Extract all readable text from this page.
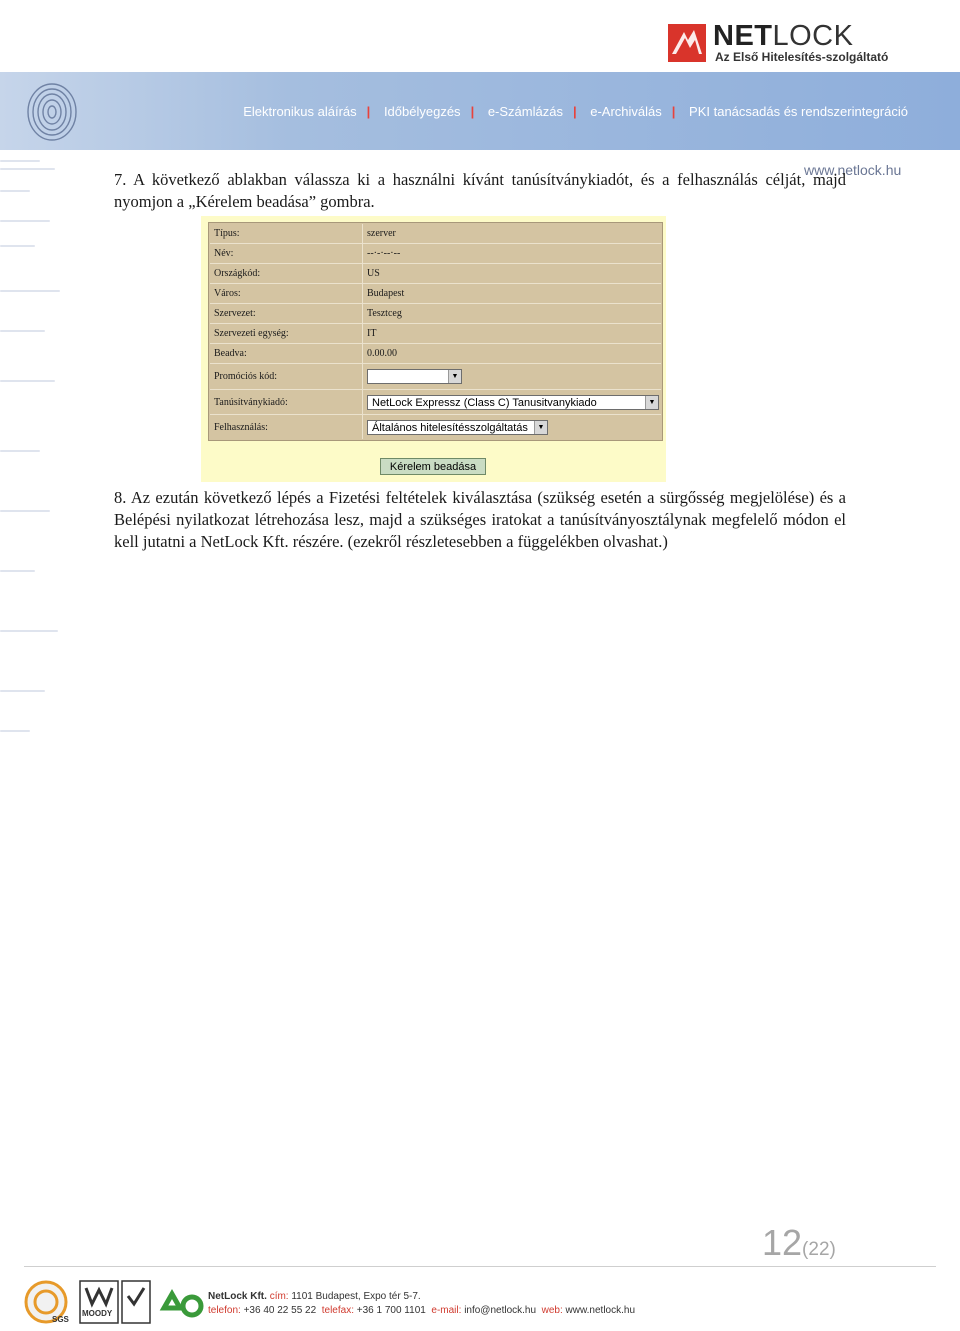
NETLOCK
Az Első Hitelesítés-szolgáltató
Elektronikus aláírás | Időbélyegzés | e-Számlázás | e-Archiválás | PKI tanácsadás és rendszerintegráció
www.netlock.hu
7. A következő ablakban válassza ki a használni kívánt tanúsítványkiadót, és a felhasználás célját, majd nyomjon a „Kérelem beadása” gombra.
Típus:	szerver
Név:	--·-·--·--
Országkód:	US
Város:	Budapest
Szervezet:	Tesztceg
Szervezeti egység:	IT
Beadva:	0.00.00
Promóciós kód:	▼
Tanúsítványkiadó:	NetLock Expressz (Class C) Tanusitvanykiado	▼
Felhasználás:	Általános hitelesítésszolgáltatás	▼
Kérelem beadása
8. Az ezután következő lépés a Fizetési feltételek kiválasztása (szükség esetén a sürgősség megjelölése) és a Belépési nyilatkozat létrehozása lesz, majd a szükséges iratokat a tanúsítványosztálynak megfelelő módon el kell jutatni a NetLock Kft. részére. (ezekről részletesebben a függelékben olvashat.)
12(22)
SGS
MOODY
NetLock Kft. cím: 1101 Budapest, Expo tér 5-7.
telefon: +36 40 22 55 22 telefax: +36 1 700 1101 e-mail: info@netlock.hu web: www.netlock.hu
